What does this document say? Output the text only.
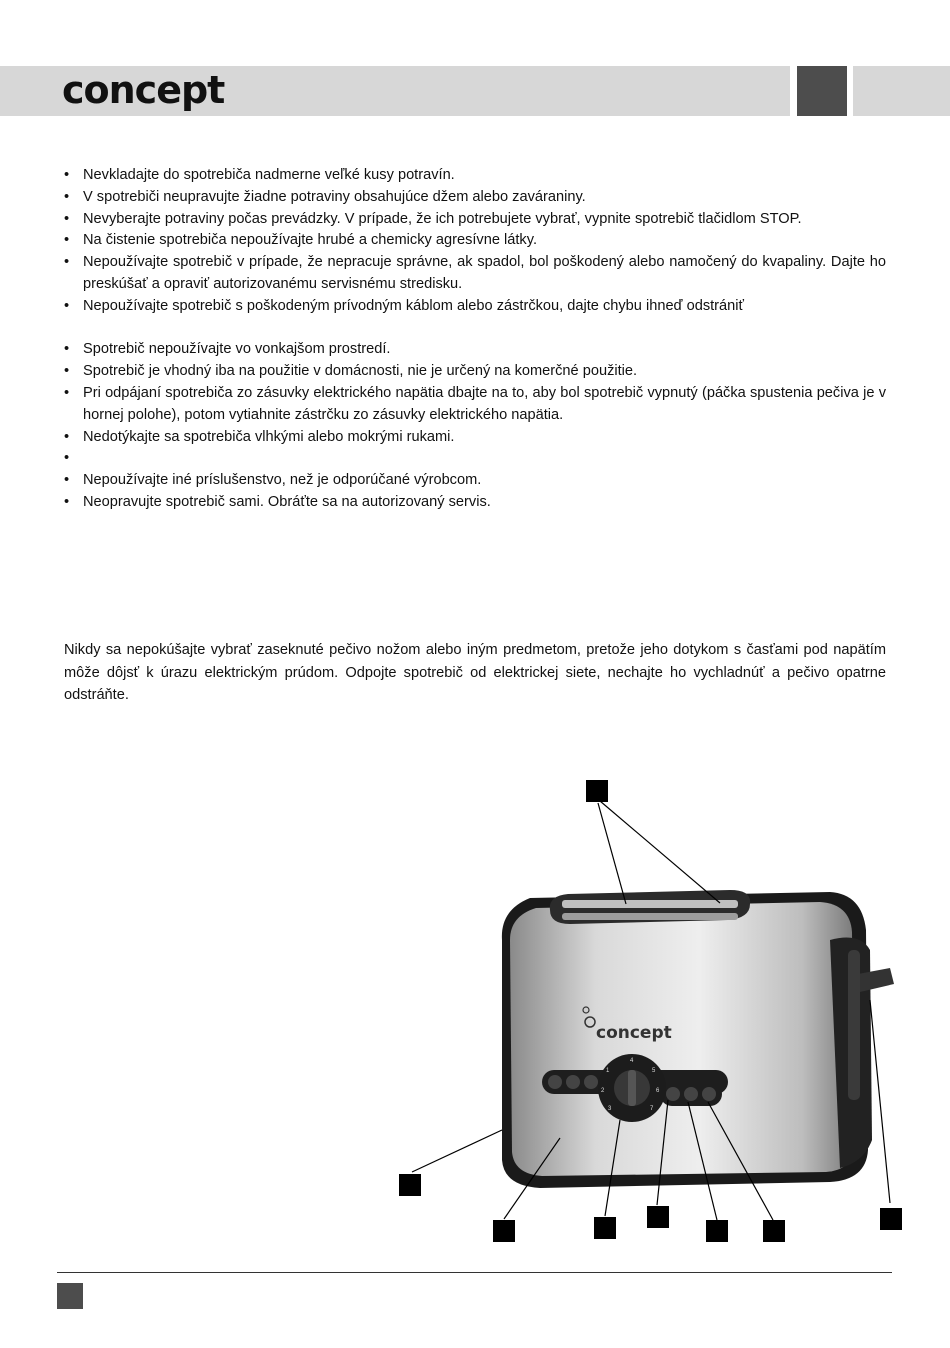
concept
• Nevkladajte do spotrebiča nadmerne veľké kusy potravín.
• V spotrebiči neupravujte žiadne potraviny obsahujúce džem alebo zaváraniny.
• Nevyberajte potraviny počas prevádzky. V prípade, že ich potrebujete vybrať, vypnite spotrebič tlačidlom STOP.
• Na čistenie spotrebiča nepoužívajte hrubé a chemicky agresívne látky.
• Nepoužívajte spotrebič v prípade, že nepracuje správne, ak spadol, bol poškodený alebo namočený do kvapaliny. Dajte ho preskúšať a opraviť autorizovanému servisnému stredisku.
• Nepoužívajte spotrebič s poškodeným prívodným káblom alebo zástrčkou, dajte chybu ihneď odstrániť
• Spotrebič nepoužívajte vo vonkajšom prostredí.
• Spotrebič je vhodný iba na použitie v domácnosti, nie je určený na komerčné použitie.
• Pri odpájaní spotrebiča zo zásuvky elektrického napätia dbajte na to, aby bol spotrebič vypnutý (páčka spustenia pečiva je v hornej polohe), potom vytiahnite zástrčku zo zásuvky elektrického napätia.
• Nedotýkajte sa spotrebiča vlhkými alebo mokrými rukami.
•
• Nepoužívajte iné príslušenstvo, než je odporúčané výrobcom.
• Neopravujte spotrebič sami. Obráťte sa na autorizovaný servis.

Nikdy sa nepokúšajte vybrať zaseknuté pečivo nožom alebo iným predmetom, pretože jeho dotykom s časťami pod napätím môže dôjsť k úrazu elektrickým prúdom. Odpojte spotrebič od elektrickej siete, nechajte ho vychladnúť a pečivo opatrne odstráňte.

concept
1
2
3
4
5
6
7
